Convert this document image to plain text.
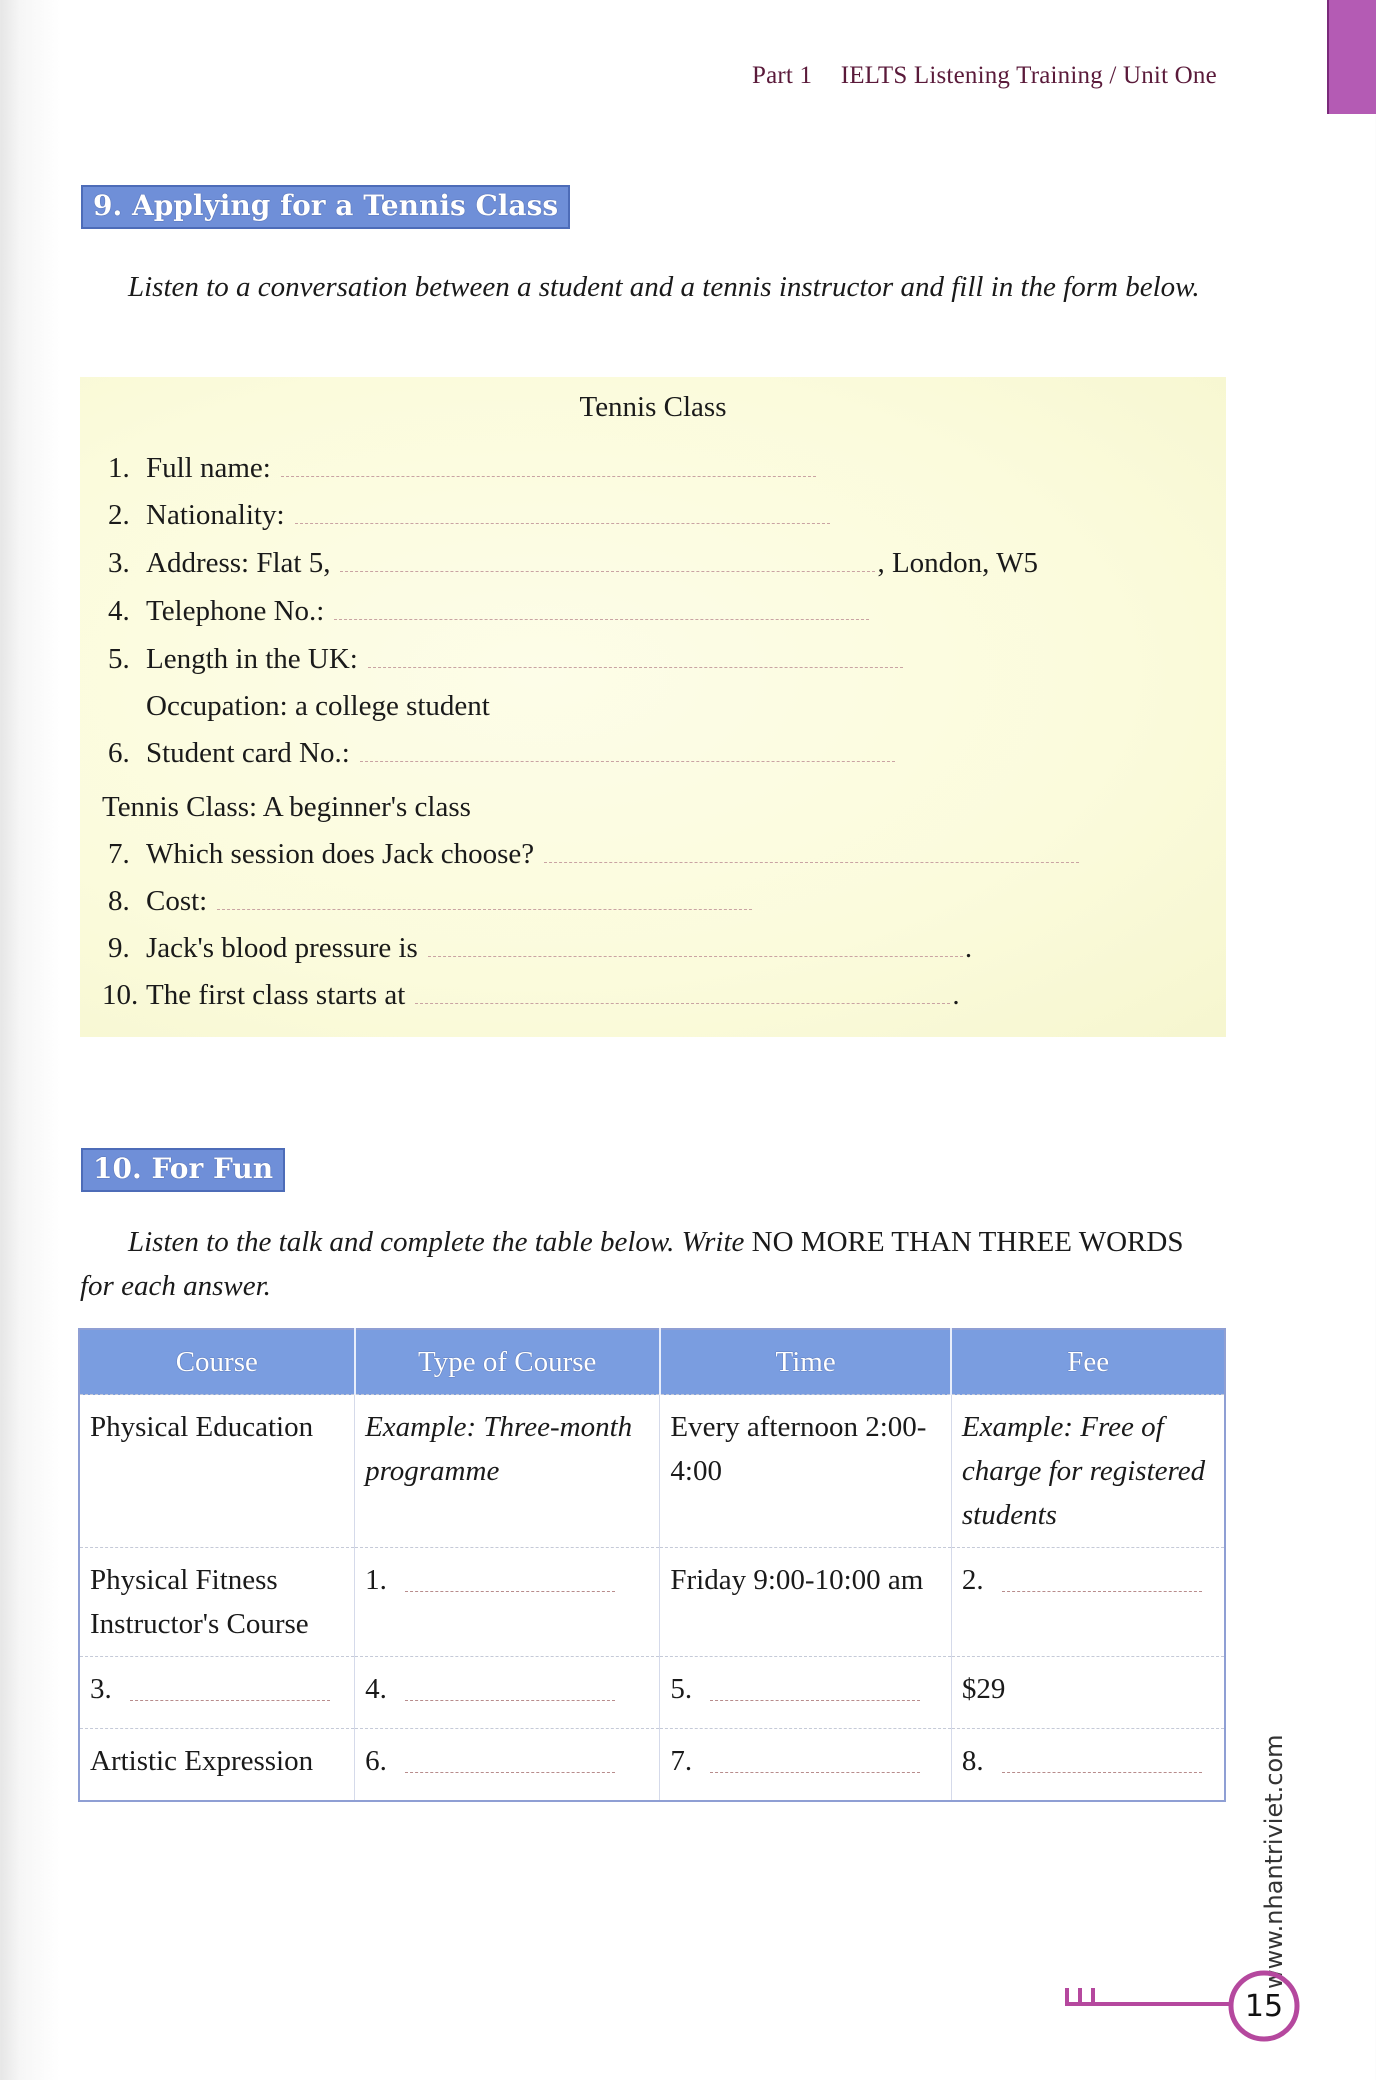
Part 1 IELTS Listening Training / Unit One
9. Applying for a Tennis Class
Listen to a conversation between a student and a tennis instructor and fill in the form below.
Tennis Class
1. Full name:
2. Nationality:
3. Address: Flat 5,	, London, W5
4. Telephone No.:
5. Length in the UK:
Occupation: a college student
6. Student card No.:
Tennis Class: A beginner's class
7. Which session does Jack choose?
8. Cost:
9. Jack's blood pressure is	.
10. The first class starts at	.
10. For Fun
Listen to the talk and complete the table below. Write NO MORE THAN THREE WORDS for each answer.
Course	Type of Course	Time	Fee
Physical Education	Example: Three-month programme	Every afternoon 2:00-4:00	Example: Free of charge for registered students
Physical Fitness Instructor's Course	1.	Friday 9:00-10:00 am	2.
3.	4.	5.	$29
Artistic Expression	6.	7.	8.	www.nhantriviet.com
15
